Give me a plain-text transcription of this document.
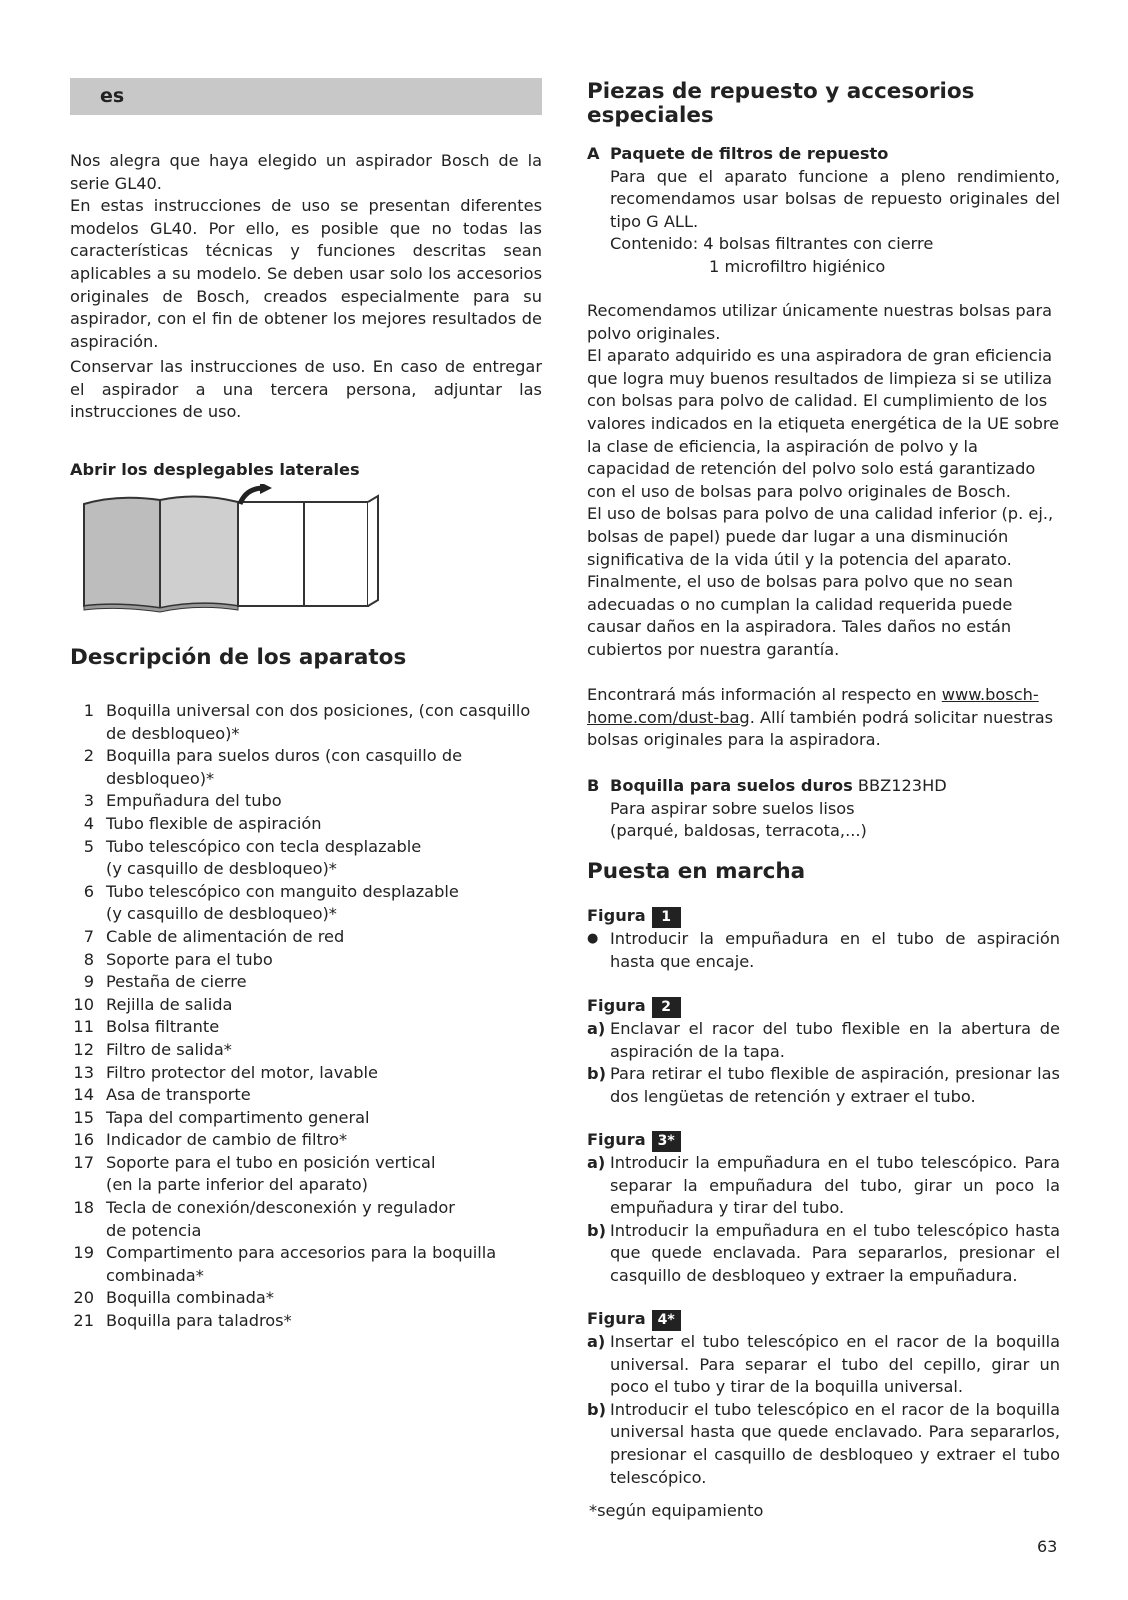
es
Nos alegra que haya elegido un aspirador Bosch de la serie GL40.
En estas instrucciones de uso se presentan diferentes modelos GL40. Por ello, es posible que no todas las características técnicas y funciones descritas sean aplicables a su modelo. Se deben usar solo los accesorios originales de Bosch, creados especialmente para su aspirador, con el fin de obtener los mejores resultados de aspiración.
Conservar las instrucciones de uso. En caso de entregar el aspirador a una tercera persona, adjuntar las instrucciones de uso.
Abrir los desplegables laterales
Descripción de los aparatos
1 Boquilla universal con dos posiciones, (con casquillo de desbloqueo)*
2 Boquilla para suelos duros (con casquillo de desbloqueo)*
3 Empuñadura del tubo
4 Tubo flexible de aspiración
5 Tubo telescópico con tecla desplazable
(y casquillo de desbloqueo)*
6 Tubo telescópico con manguito desplazable
(y casquillo de desbloqueo)*
7 Cable de alimentación de red
8 Soporte para el tubo
9 Pestaña de cierre
10 Rejilla de salida
11 Bolsa filtrante
12 Filtro de salida*
13 Filtro protector del motor, lavable
14 Asa de transporte
15 Tapa del compartimento general
16 Indicador de cambio de filtro*
17 Soporte para el tubo en posición vertical
(en la parte inferior del aparato)
18 Tecla de conexión/desconexión y regulador
de potencia
19 Compartimento para accesorios para la boquilla combinada*
20 Boquilla combinada*
21 Boquilla para taladros*
Piezas de repuesto y accesorios especiales
A Paquete de filtros de repuesto
Para que el aparato funcione a pleno rendimiento, recomendamos usar bolsas de repuesto originales del tipo G ALL.
Contenido: 4 bolsas filtrantes con cierre
1 microfiltro higiénico
Recomendamos utilizar únicamente nuestras bolsas para polvo originales.
El aparato adquirido es una aspiradora de gran eficiencia que logra muy buenos resultados de limpieza si se utiliza con bolsas para polvo de calidad. El cumplimiento de los valores indicados en la etiqueta energética de la UE sobre la clase de eficiencia, la aspiración de polvo y la capacidad de retención del polvo solo está garantizado con el uso de bolsas para polvo originales de Bosch.
El uso de bolsas para polvo de una calidad inferior (p. ej., bolsas de papel) puede dar lugar a una disminución significativa de la vida útil y la potencia del aparato.
Finalmente, el uso de bolsas para polvo que no sean adecuadas o no cumplan la calidad requerida puede causar daños en la aspiradora. Tales daños no están cubiertos por nuestra garantía.
Encontrará más información al respecto en www.bosch-home.com/dust-bag. Allí también podrá solicitar nuestras bolsas originales para la aspiradora.
B Boquilla para suelos duros BBZ123HD
Para aspirar sobre suelos lisos
(parqué, baldosas, terracota,...)
Puesta en marcha
Figura	1
● Introducir la empuñadura en el tubo de aspiración hasta que encaje.
Figura	2
a) Enclavar el racor del tubo flexible en la abertura de aspiración de la tapa.
b) Para retirar el tubo flexible de aspiración, presionar las dos lengüetas de retención y extraer el tubo.
Figura 3*
a) Introducir la empuñadura en el tubo telescópico. Para separar la empuñadura del tubo, girar un poco la empuñadura y tirar del tubo.
b) Introducir la empuñadura en el tubo telescópico hasta que quede enclavada. Para separarlos, presionar el casquillo de desbloqueo y extraer la empuñadura.
Figura 4*
a) Insertar el tubo telescópico en el racor de la boquilla universal. Para separar el tubo del cepillo, girar un poco el tubo y tirar de la boquilla universal.
b) Introducir el tubo telescópico en el racor de la boquilla universal hasta que quede enclavado. Para separarlos, presionar el casquillo de desbloqueo y extraer el tubo telescópico.
*según equipamiento
63
